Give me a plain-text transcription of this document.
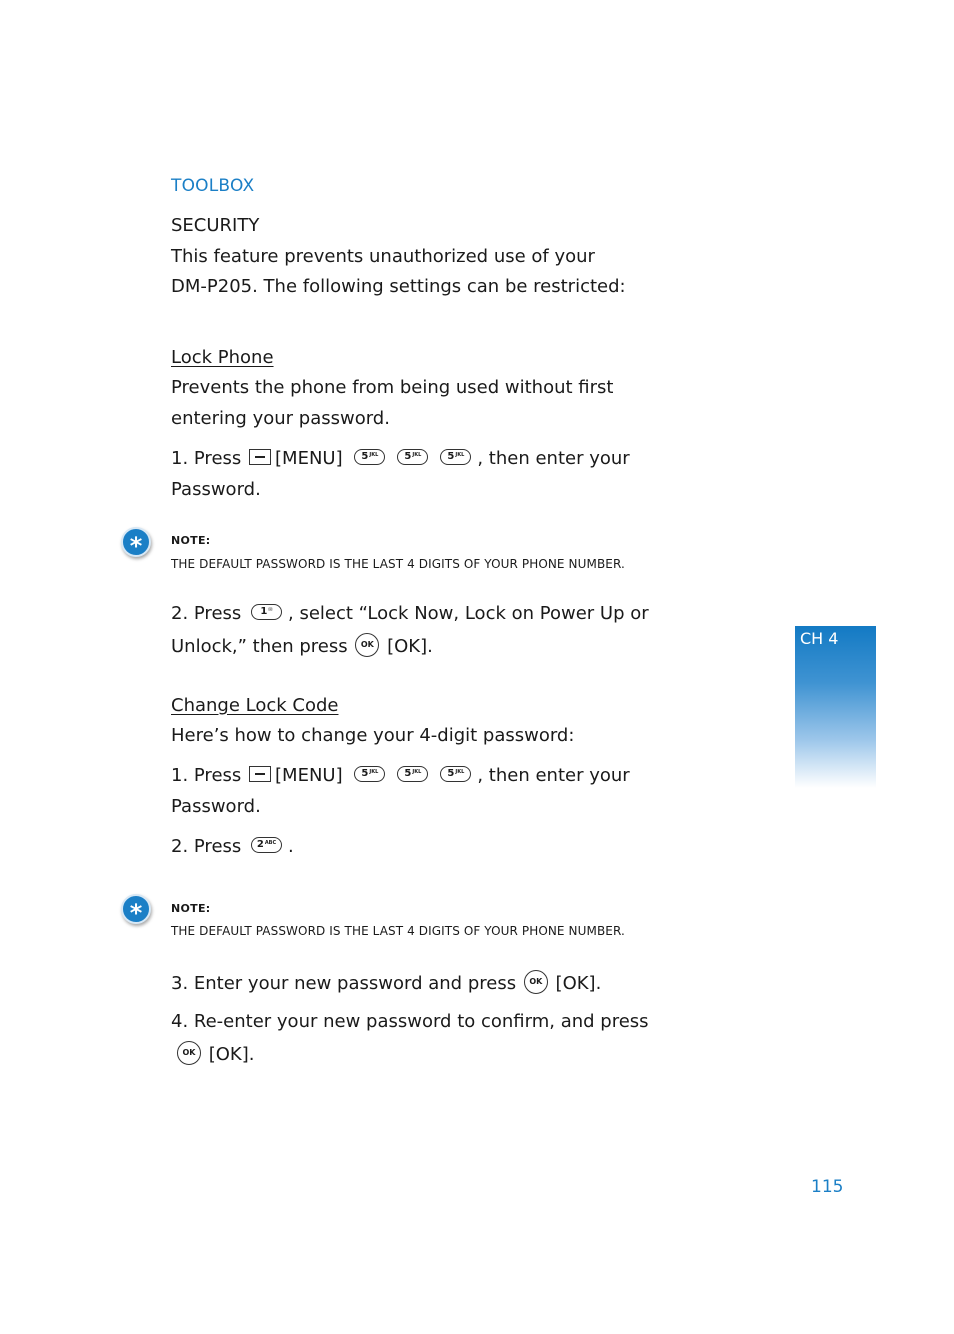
TOOLBOX
SECURITY
This feature prevents unauthorized use of your
DM-P205. The following settings can be restricted:
Lock Phone
Prevents the phone from being used without first
entering your password.
1. Press [MENU] 5 JKL	5 JKL	5 JKL , then enter your
Password.
*	NOTE:
THE DEFAULT PASSWORD IS THE LAST 4 DIGITS OF YOUR PHONE NUMBER.
2. Press 1 ✉ , select “Lock Now, Lock on Power Up or
Unlock,” then press OK [OK].
Change Lock Code
Here’s how to change your 4-digit password:
1. Press [MENU] 5 JKL	5 JKL	5 JKL , then enter your
Password.
2. Press 2 ABC .
*	NOTE:
THE DEFAULT PASSWORD IS THE LAST 4 DIGITS OF YOUR PHONE NUMBER.
3. Enter your new password and press OK [OK].
4. Re-enter your new password to confirm, and press
OK [OK].
CH 4
115
